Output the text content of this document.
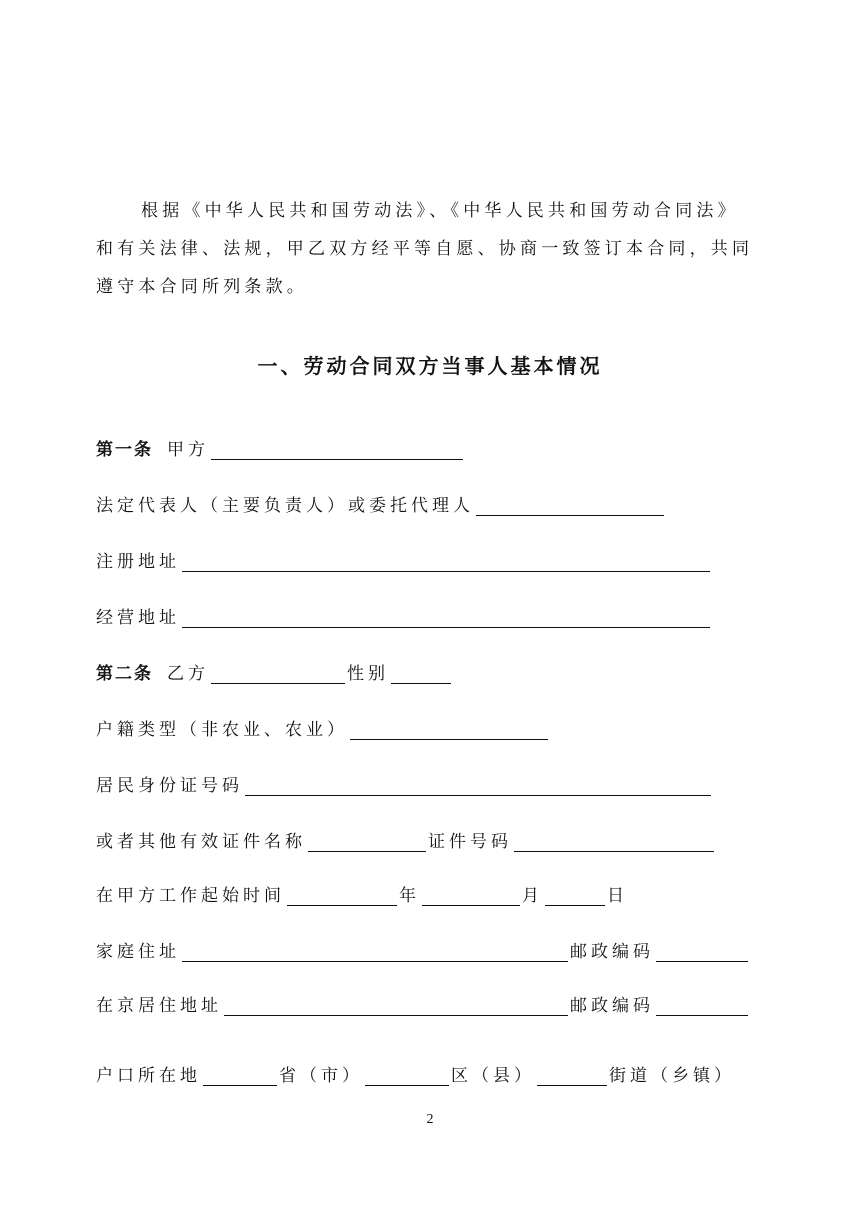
根据《中华人民共和国劳动法》、《中华人民共和国劳动合同法》
和有关法律、法规，甲乙双方经平等自愿、协商一致签订本合同，共同
遵守本合同所列条款。
一、劳动合同双方当事人基本情况
第一条 甲方
法定代表人（主要负责人）或委托代理人
注册地址
经营地址
第二条 乙方	性别
户籍类型（非农业、农业）
居民身份证号码
或者其他有效证件名称	证件号码
在甲方工作起始时间	年	月	日
家庭住址	邮政编码
在京居住地址	邮政编码
户口所在地	省（市）	区（县）	街道（乡镇）
2
